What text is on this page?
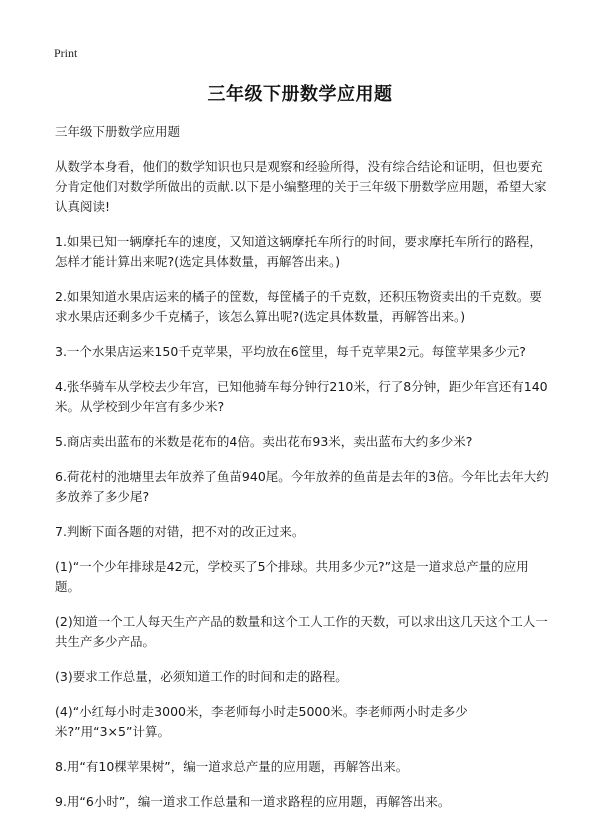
Print
三年级下册数学应用题

三年级下册数学应用题

从数学本身看，他们的数学知识也只是观察和经验所得，没有综合结论和证明，但也要充分肯定他们对数学所做出的贡献.以下是小编整理的关于三年级下册数学应用题，希望大家认真阅读!

1.如果已知一辆摩托车的速度，又知道这辆摩托车所行的时间，要求摩托车所行的路程，怎样才能计算出来呢?(选定具体数量，再解答出来。)

2.如果知道水果店运来的橘子的筐数，每筐橘子的千克数，还积压物资卖出的千克数。要求水果店还剩多少千克橘子，该怎么算出呢?(选定具体数量，再解答出来。)

3.一个水果店运来150千克苹果，平均放在6筐里，每千克苹果2元。每筐苹果多少元?

4.张华骑车从学校去少年宫，已知他骑车每分钟行210米，行了8分钟，距少年宫还有140米。从学校到少年宫有多少米?

5.商店卖出蓝布的米数是花布的4倍。卖出花布93米，卖出蓝布大约多少米?

6.荷花村的池塘里去年放养了鱼苗940尾。今年放养的鱼苗是去年的3倍。今年比去年大约多放养了多少尾?

7.判断下面各题的对错，把不对的改正过来。

(1)“一个少年排球是42元，学校买了5个排球。共用多少元?”这是一道求总产量的应用题。

(2)知道一个工人每天生产产品的数量和这个工人工作的天数，可以求出这几天这个工人一共生产多少产品。

(3)要求工作总量，必须知道工作的时间和走的路程。

(4)“小红每小时走3000米，李老师每小时走5000米。李老师两小时走多少米?”用“3×5”计算。

8.用“有10棵苹果树”，编一道求总产量的应用题，再解答出来。

9.用“6小时”，编一道求工作总量和一道求路程的应用题，再解答出来。
